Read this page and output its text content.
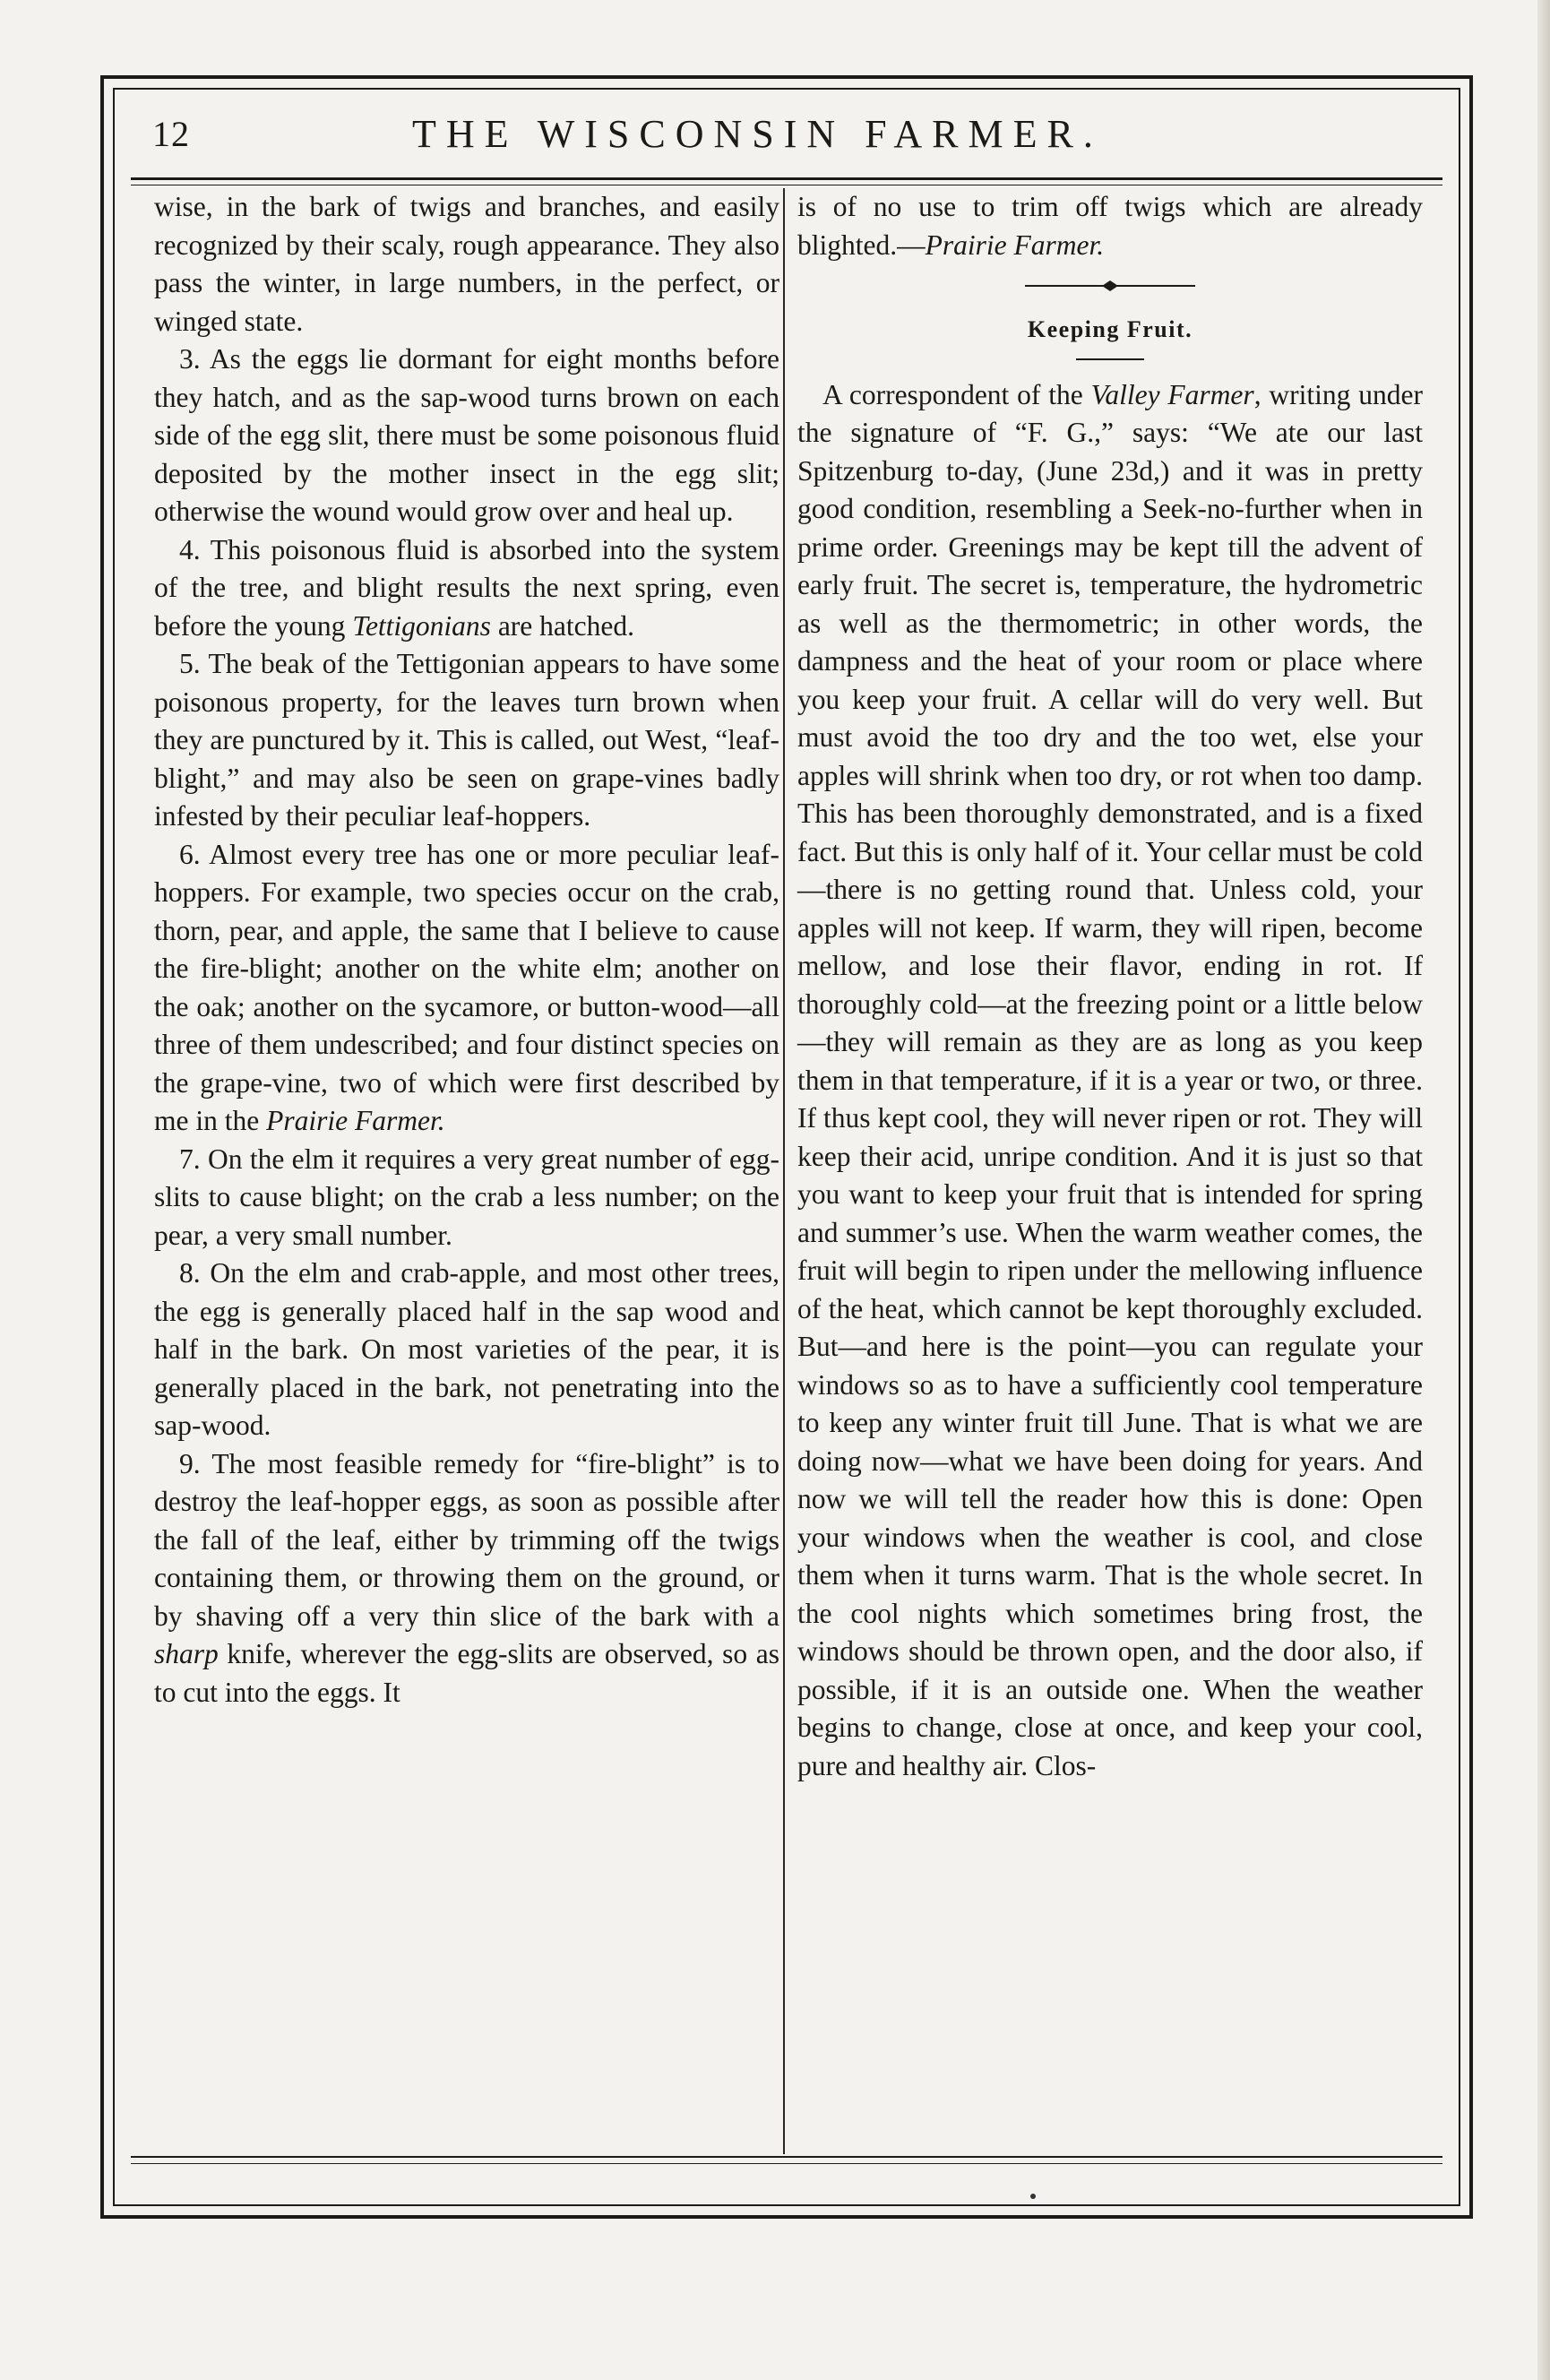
12	THE WISCONSIN FARMER.

wise, in the bark of twigs and branches, and easily recognized by their scaly, rough appearance. They also pass the winter, in large numbers, in the perfect, or winged state.

3. As the eggs lie dormant for eight months before they hatch, and as the sap-wood turns brown on each side of the egg slit, there must be some poisonous fluid deposited by the mother insect in the egg slit; otherwise the wound would grow over and heal up.

4. This poisonous fluid is absorbed into the system of the tree, and blight results the next spring, even before the young Tettigonians are hatched.

5. The beak of the Tettigonian appears to have some poisonous property, for the leaves turn brown when they are punctured by it. This is called, out West, “leaf-blight,” and may also be seen on grape-vines badly infested by their peculiar leaf-hoppers.

6. Almost every tree has one or more peculiar leaf-hoppers. For example, two species occur on the crab, thorn, pear, and apple, the same that I believe to cause the fire-blight; another on the white elm; another on the oak; another on the sycamore, or button-wood—all three of them undescribed; and four distinct species on the grape-vine, two of which were first described by me in the Prairie Farmer.

7. On the elm it requires a very great number of egg-slits to cause blight; on the crab a less number; on the pear, a very small number.

8. On the elm and crab-apple, and most other trees, the egg is generally placed half in the sap wood and half in the bark. On most varieties of the pear, it is generally placed in the bark, not penetrating into the sap-wood.

9. The most feasible remedy for “fire-blight” is to destroy the leaf-hopper eggs, as soon as possible after the fall of the leaf, either by trimming off the twigs containing them, or throwing them on the ground, or by shaving off a very thin slice of the bark with a sharp knife, wherever the egg-slits are observed, so as to cut into the eggs. It

is of no use to trim off twigs which are already blighted.—Prairie Farmer.

Keeping Fruit.

A correspondent of the Valley Farmer, writing under the signature of “F. G.,” says: “We ate our last Spitzenburg to-day, (June 23d,) and it was in pretty good condition, resembling a Seek-no-further when in prime order. Greenings may be kept till the advent of early fruit. The secret is, temperature, the hydrometric as well as the thermometric; in other words, the dampness and the heat of your room or place where you keep your fruit. A cellar will do very well. But must avoid the too dry and the too wet, else your apples will shrink when too dry, or rot when too damp. This has been thoroughly demonstrated, and is a fixed fact. But this is only half of it. Your cellar must be cold—there is no getting round that. Unless cold, your apples will not keep. If warm, they will ripen, become mellow, and lose their flavor, ending in rot. If thoroughly cold—at the freezing point or a little below—they will remain as they are as long as you keep them in that temperature, if it is a year or two, or three. If thus kept cool, they will never ripen or rot. They will keep their acid, unripe condition. And it is just so that you want to keep your fruit that is intended for spring and summer’s use. When the warm weather comes, the fruit will begin to ripen under the mellowing influence of the heat, which cannot be kept thoroughly excluded. But—and here is the point—you can regulate your windows so as to have a sufficiently cool temperature to keep any winter fruit till June. That is what we are doing now—what we have been doing for years. And now we will tell the reader how this is done: Open your windows when the weather is cool, and close them when it turns warm. That is the whole secret. In the cool nights which sometimes bring frost, the windows should be thrown open, and the door also, if possible, if it is an outside one. When the weather begins to change, close at once, and keep your cool, pure and healthy air. Clos-
